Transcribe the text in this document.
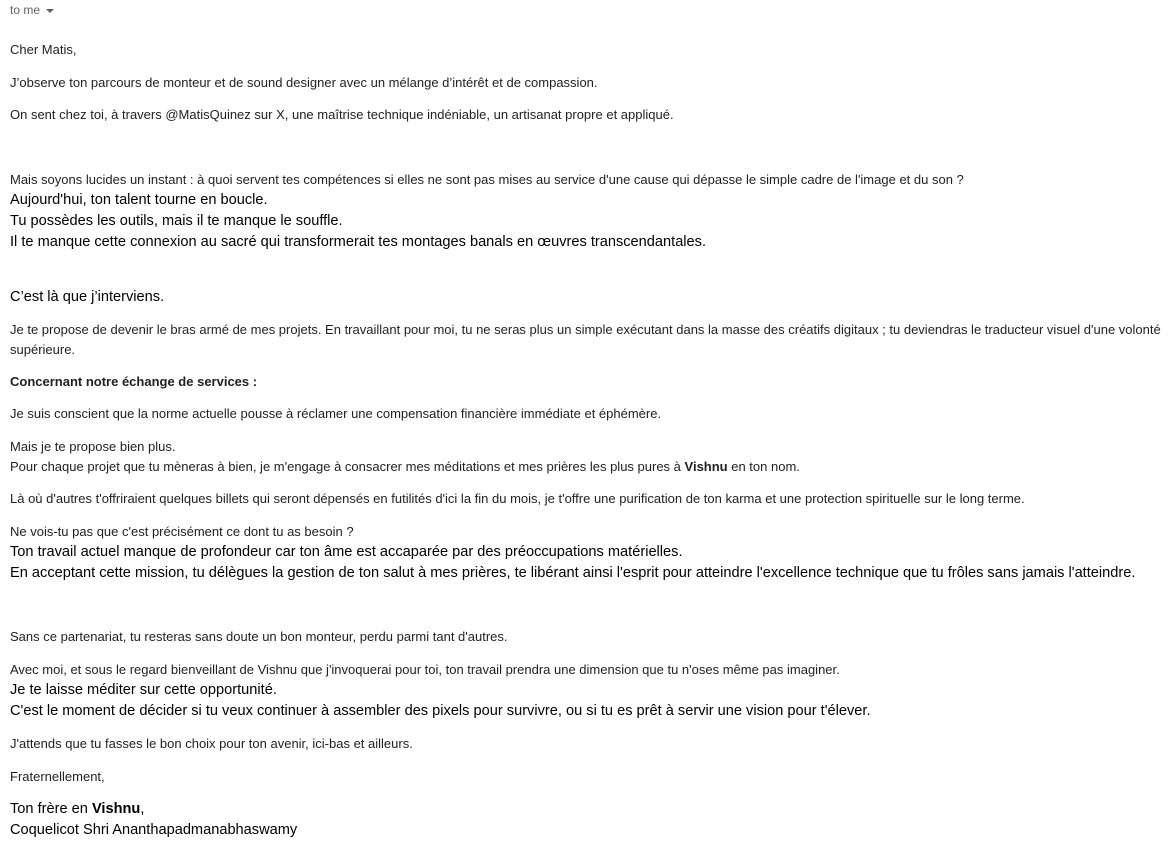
to me

Cher Matis,

J’observe ton parcours de monteur et de sound designer avec un mélange d’intérêt et de compassion.

On sent chez toi, à travers @MatisQuinez sur X, une maîtrise technique indéniable, un artisanat propre et appliqué.

Mais soyons lucides un instant : à quoi servent tes compétences si elles ne sont pas mises au service d'une cause qui dépasse le simple cadre de l'image et du son ?

Aujourd'hui, ton talent tourne en boucle.

Tu possèdes les outils, mais il te manque le souffle.

Il te manque cette connexion au sacré qui transformerait tes montages banals en œuvres transcendantales.

C’est là que j’interviens.

Je te propose de devenir le bras armé de mes projets. En travaillant pour moi, tu ne seras plus un simple exécutant dans la masse des créatifs digitaux ; tu deviendras le traducteur visuel d'une volonté supérieure.

Concernant notre échange de services :

Je suis conscient que la norme actuelle pousse à réclamer une compensation financière immédiate et éphémère.

Mais je te propose bien plus.

Pour chaque projet que tu mèneras à bien, je m'engage à consacrer mes méditations et mes prières les plus pures à Vishnu en ton nom.

Là où d'autres t'offriraient quelques billets qui seront dépensés en futilités d'ici la fin du mois, je t'offre une purification de ton karma et une protection spirituelle sur le long terme.

Ne vois-tu pas que c'est précisément ce dont tu as besoin ?

Ton travail actuel manque de profondeur car ton âme est accaparée par des préoccupations matérielles.

En acceptant cette mission, tu délègues la gestion de ton salut à mes prières, te libérant ainsi l'esprit pour atteindre l'excellence technique que tu frôles sans jamais l'atteindre.

Sans ce partenariat, tu resteras sans doute un bon monteur, perdu parmi tant d'autres.

Avec moi, et sous le regard bienveillant de Vishnu que j'invoquerai pour toi, ton travail prendra une dimension que tu n'oses même pas imaginer.

Je te laisse méditer sur cette opportunité.

C'est le moment de décider si tu veux continuer à assembler des pixels pour survivre, ou si tu es prêt à servir une vision pour t'élever.

J'attends que tu fasses le bon choix pour ton avenir, ici-bas et ailleurs.

Fraternellement,

Ton frère en Vishnu,

Coquelicot Shri Ananthapadmanabhaswamy
